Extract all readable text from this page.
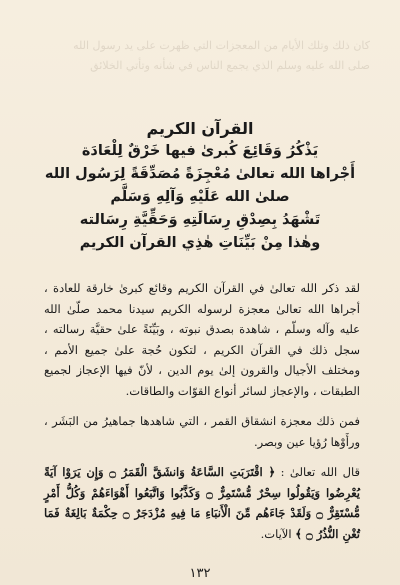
كان ذلك وتلك الأيام من المعجزات التي ظهرت على يد رسول الله صلى الله عليه وسلم الذي يجمع الناس في شأنه وتأتي الخلائق

القرآن الكريم

يَذْكُرُ وَقَائِعَ كُبرىٰ فيها خَرْقٌ لِلْعَادَة

أَجْراها الله تعالىٰ مُعْجِزَةً مُصَدِّقَةً لِرَسُول الله

صلىٰ الله عَلَيْهِ وَآلِهِ وَسَلَّم

تَشْهَدُ بِصِدْقِ رِسَالَتِهِ وَحَقِّيَّةِ رِسَالته

وهٰذا مِنْ بَيِّنَاتِ هٰذِي القرآن الكريم

لقد ذكر الله تعالىٰ في القرآن الكريم وقائع كبرىٰ خارقة للعادة ، أجراها الله تعالىٰ معجزة لرسوله الكريم سيدنا محمد صلّىٰ الله عليه وآله وسلّم ، شاهدة بصدق نبوته ، وبَيِّنَةً علىٰ حقيَّة رسالته ، سجل ذلك في القرآن الكريم ، لتكون حُجة علىٰ جميع الأمم ، ومختلف الأجيال والقرون إلىٰ يوم الدين ، لأنّ فيها الإعجاز لجميع الطبقات ، والإعجاز لسائر أنواع القوّات والطاقات.

فمن ذلك معجزة انشقاق القمر ، التي شاهدها جماهيرُ من البَشَر ، ورأَوْها رُؤيا عين وبصر.

قال الله تعالىٰ : ﴿ اقْتَرَبَتِ السَّاعَةُ وَانشَقَّ الْقَمَرُ ۝ وَإِن يَرَوْا آيَةً يُعْرِضُوا وَيَقُولُوا سِحْرٌ مُّسْتَمِرٌّ ۝ وَكَذَّبُوا وَاتَّبَعُوا أَهْوَاءَهُمْ وَكُلُّ أَمْرٍ مُّسْتَقِرٌّ ۝ وَلَقَدْ جَاءَهُم مِّنَ الْأَنبَاءِ مَا فِيهِ مُزْدَجَرٌ ۝ حِكْمَةٌ بَالِغَةٌ فَمَا تُغْنِ النُّذُرُ ۝ ﴾ الآيات.

١٣٢
